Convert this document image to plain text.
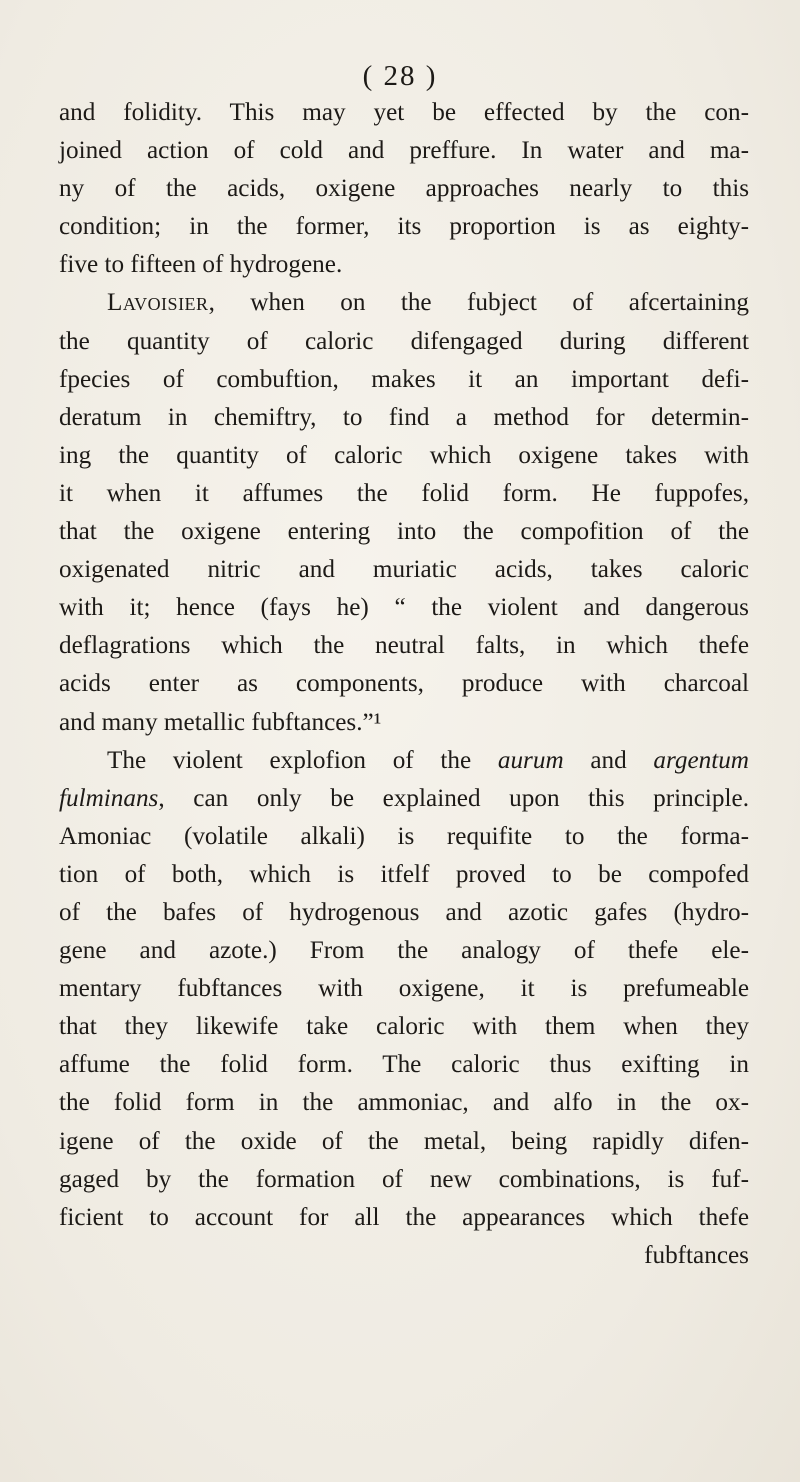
( 28 )
and folidity. This may yet be effected by the con-
joined action of cold and preffure. In water and ma-
ny of the acids, oxigene approaches nearly to this
condition; in the former, its proportion is as eighty-
five to fifteen of hydrogene.
Lavoisier, when on the fubject of afcertaining
the quantity of caloric difengaged during different
fpecies of combuftion, makes it an important defi-
deratum in chemiftry, to find a method for determin-
ing the quantity of caloric which oxigene takes with
it when it affumes the folid form. He fuppofes,
that the oxigene entering into the compofition of the
oxigenated nitric and muriatic acids, takes caloric
with it; hence (fays he) “ the violent and dangerous
deflagrations which the neutral falts, in which thefe
acids enter as components, produce with charcoal
and many metallic fubftances.”¹
The violent explofion of the aurum and argentum
fulminans, can only be explained upon this principle.
Amoniac (volatile alkali) is requifite to the forma-
tion of both, which is itfelf proved to be compofed
of the bafes of hydrogenous and azotic gafes (hydro-
gene and azote.) From the analogy of thefe ele-
mentary fubftances with oxigene, it is prefumeable
that they likewife take caloric with them when they
affume the folid form. The caloric thus exifting in
the folid form in the ammoniac, and alfo in the ox-
igene of the oxide of the metal, being rapidly difen-
gaged by the formation of new combinations, is fuf-
ficient to account for all the appearances which thefe
fubftances
